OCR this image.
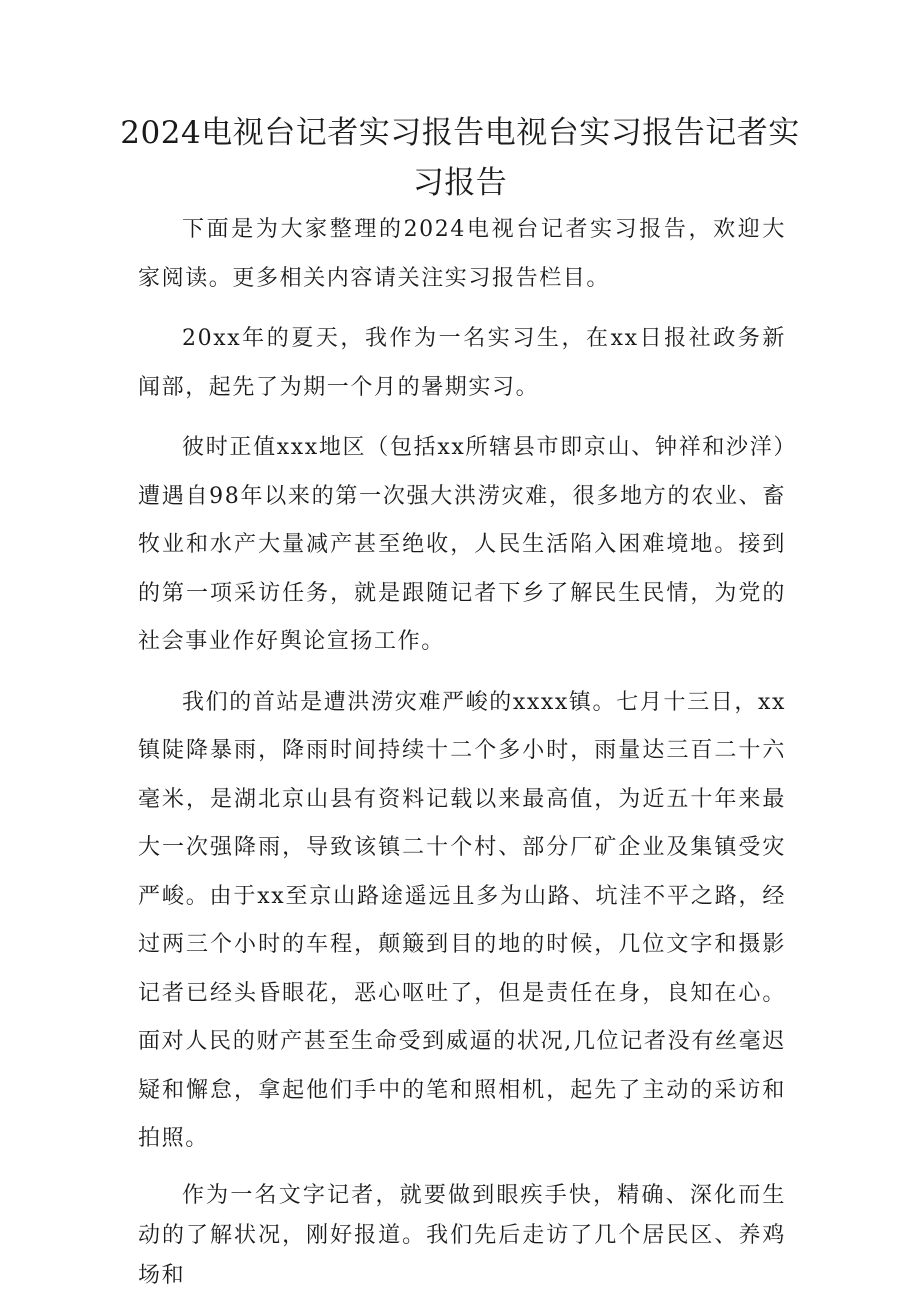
2024电视台记者实习报告电视台实习报告记者实习报告

下面是为大家整理的2024电视台记者实习报告，欢迎大家阅读。更多相关内容请关注实习报告栏目。

20xx年的夏天，我作为一名实习生，在xx日报社政务新闻部，起先了为期一个月的暑期实习。

彼时正值xxx地区（包括xx所辖县市即京山、钟祥和沙洋）遭遇自98年以来的第一次强大洪涝灾难，很多地方的农业、畜牧业和水产大量减产甚至绝收，人民生活陷入困难境地。接到的第一项采访任务，就是跟随记者下乡了解民生民情，为党的社会事业作好舆论宣扬工作。

我们的首站是遭洪涝灾难严峻的xxxx镇。七月十三日，xx镇陡降暴雨，降雨时间持续十二个多小时，雨量达三百二十六毫米，是湖北京山县有资料记载以来最高值，为近五十年来最大一次强降雨，导致该镇二十个村、部分厂矿企业及集镇受灾严峻。由于xx至京山路途遥远且多为山路、坑洼不平之路，经过两三个小时的车程，颠簸到目的地的时候，几位文字和摄影记者已经头昏眼花，恶心呕吐了，但是责任在身，良知在心。面对人民的财产甚至生命受到威逼的状况,几位记者没有丝毫迟疑和懈怠，拿起他们手中的笔和照相机，起先了主动的采访和拍照。

作为一名文字记者，就要做到眼疾手快，精确、深化而生动的了解状况，刚好报道。我们先后走访了几个居民区、养鸡场和
